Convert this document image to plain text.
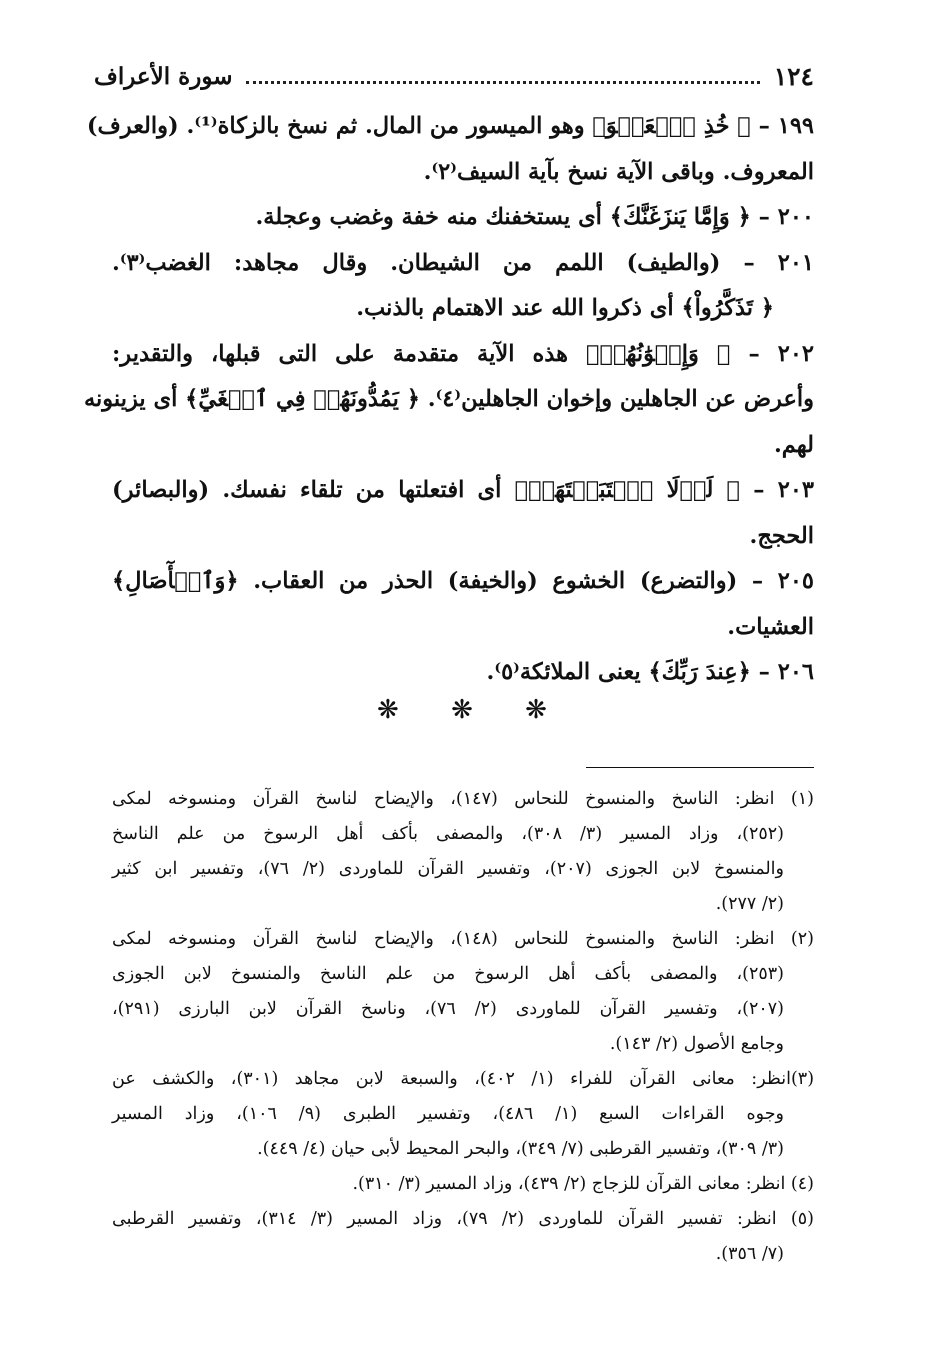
١٢٤
سورة الأعراف
١٩٩ – ﴿ خُذِ ٱلۡعَفۡوَ﴾ وهو الميسور من المال. ثم نسخ بالزكاة⁽¹⁾. (والعرف)
المعروف. وباقى الآية نسخ بآية السيف⁽٢⁾.
٢٠٠ – ﴿ وَإِمَّا يَنزَغَنَّكَ﴾ أى يستخفنك منه خفة وغضب وعجلة.
٢٠١ – (والطيف) اللمم من الشيطان. وقال مجاهد: الغضب⁽٣⁾.
﴿ تَذَكَّرُواْ﴾ أى ذكروا الله عند الاهتمام بالذنب.
٢٠٢ – ﴿ وَإِخۡوَٰنُهُمۡ﴾ هذه الآية متقدمة على التى قبلها، والتقدير:
وأعرض عن الجاهلين وإخوان الجاهلين⁽٤⁾. ﴿ يَمُدُّونَهُمۡ فِي ٱلۡغَيِّ﴾ أى يزينونه
لهم.
٢٠٣ – ﴿ لَوۡلَا ٱجۡتَبَيۡتَهَاۚ﴾ أى افتعلتها من تلقاء نفسك. (والبصائر)
الحجج.
٢٠٥ – (والتضرع) الخشوع (والخيفة) الحذر من العقاب. ﴿وَٱلۡأٓصَالِ﴾
العشيات.
٢٠٦ – ﴿عِندَ رَبِّكَ﴾ يعنى الملائكة⁽٥⁾.
❋ ❋ ❋
(١) انظر: الناسخ والمنسوخ للنحاس (١٤٧)، والإيضاح لناسخ القرآن ومنسوخه لمكى
(٢٥٢)، وزاد المسير (٣/ ٣٠٨)، والمصفى بأكف أهل الرسوخ من علم الناسخ
والمنسوخ لابن الجوزى (٢٠٧)، وتفسير القرآن للماوردى (٢/ ٧٦)، وتفسير ابن كثير
(٢/ ٢٧٧).
(٢) انظر: الناسخ والمنسوخ للنحاس (١٤٨)، والإيضاح لناسخ القرآن ومنسوخه لمكى
(٢٥٣)، والمصفى بأكف أهل الرسوخ من علم الناسخ والمنسوخ لابن الجوزى
(٢٠٧)، وتفسير القرآن للماوردى (٢/ ٧٦)، وناسخ القرآن لابن البارزى (٢٩١)،
وجامع الأصول (٢/ ١٤٣).
(٣)انظر: معانى القرآن للفراء (١/ ٤٠٢)، والسبعة لابن مجاهد (٣٠١)، والكشف عن
وجوه القراءات السبع (١/ ٤٨٦)، وتفسير الطبرى (٩/ ١٠٦)، وزاد المسير
(٣/ ٣٠٩)، وتفسير القرطبى (٧/ ٣٤٩)، والبحر المحيط لأبى حيان (٤/ ٤٤٩).
(٤) انظر: معانى القرآن للزجاج (٢/ ٤٣٩)، وزاد المسير (٣/ ٣١٠).
(٥) انظر: تفسير القرآن للماوردى (٢/ ٧٩)، وزاد المسير (٣/ ٣١٤)، وتفسير القرطبى
(٧/ ٣٥٦).
